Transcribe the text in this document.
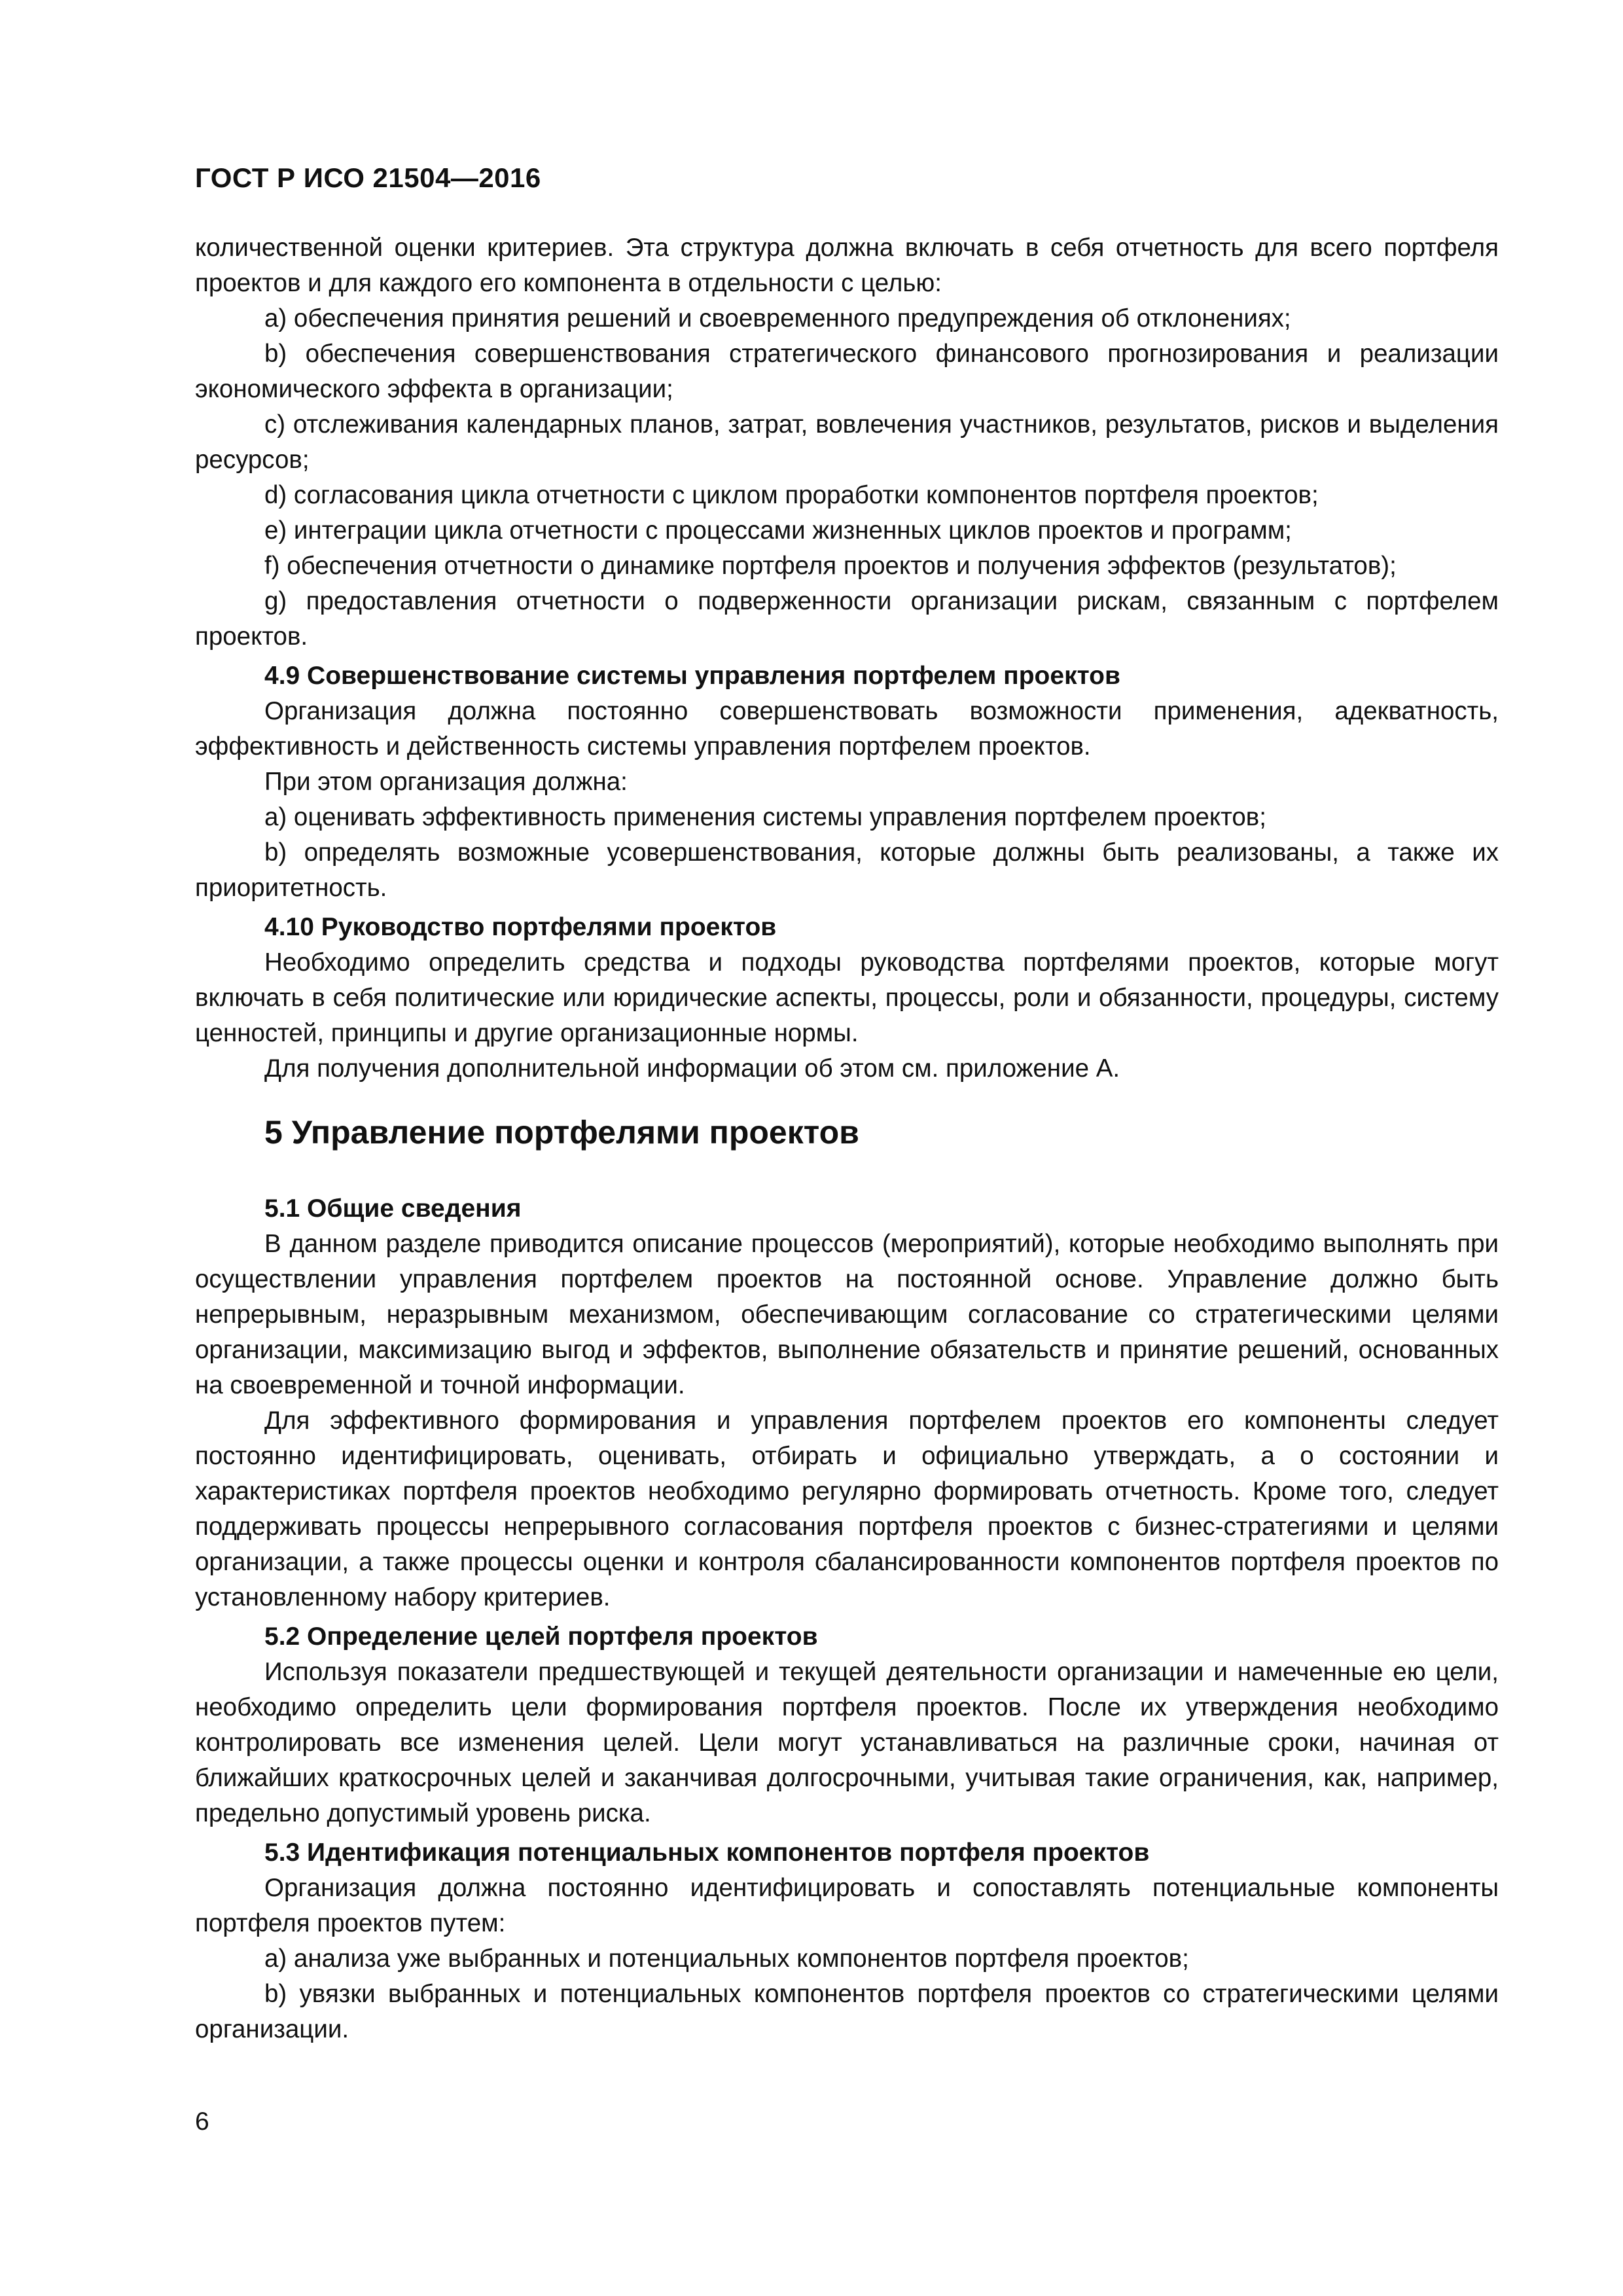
ГОСТ Р ИСО 21504—2016

количественной оценки критериев. Эта структура должна включать в себя отчетность для всего портфеля проектов и для каждого его компонента в отдельности с целью:

a) обеспечения принятия решений и своевременного предупреждения об отклонениях;

b) обеспечения совершенствования стратегического финансового прогнозирования и реализации экономического эффекта в организации;

c) отслеживания календарных планов, затрат, вовлечения участников, результатов, рисков и выделения ресурсов;

d) согласования цикла отчетности с циклом проработки компонентов портфеля проектов;

e) интеграции цикла отчетности с процессами жизненных циклов проектов и программ;

f) обеспечения отчетности о динамике портфеля проектов и получения эффектов (результатов);

g) предоставления отчетности о подверженности организации рискам, связанным с портфелем проектов.

4.9 Совершенствование системы управления портфелем проектов

Организация должна постоянно совершенствовать возможности применения, адекватность, эффективность и действенность системы управления портфелем проектов.

При этом организация должна:

a) оценивать эффективность применения системы управления портфелем проектов;

b) определять возможные усовершенствования, которые должны быть реализованы, а также их приоритетность.

4.10 Руководство портфелями проектов

Необходимо определить средства и подходы руководства портфелями проектов, которые могут включать в себя политические или юридические аспекты, процессы, роли и обязанности, процедуры, систему ценностей, принципы и другие организационные нормы.

Для получения дополнительной информации об этом см. приложение А.

5 Управление портфелями проектов
5.1 Общие сведения

В данном разделе приводится описание процессов (мероприятий), которые необходимо выполнять при осуществлении управления портфелем проектов на постоянной основе. Управление должно быть непрерывным, неразрывным механизмом, обеспечивающим согласование со стратегическими целями организации, максимизацию выгод и эффектов, выполнение обязательств и принятие решений, основанных на своевременной и точной информации.

Для эффективного формирования и управления портфелем проектов его компоненты следует постоянно идентифицировать, оценивать, отбирать и официально утверждать, а о состоянии и характеристиках портфеля проектов необходимо регулярно формировать отчетность. Кроме того, следует поддерживать процессы непрерывного согласования портфеля проектов с бизнес-стратегиями и целями организации, а также процессы оценки и контроля сбалансированности компонентов портфеля проектов по установленному набору критериев.

5.2 Определение целей портфеля проектов

Используя показатели предшествующей и текущей деятельности организации и намеченные ею цели, необходимо определить цели формирования портфеля проектов. После их утверждения необходимо контролировать все изменения целей. Цели могут устанавливаться на различные сроки, начиная от ближайших краткосрочных целей и заканчивая долгосрочными, учитывая такие ограничения, как, например, предельно допустимый уровень риска.

5.3 Идентификация потенциальных компонентов портфеля проектов

Организация должна постоянно идентифицировать и сопоставлять потенциальные компоненты портфеля проектов путем:

a) анализа уже выбранных и потенциальных компонентов портфеля проектов;

b) увязки выбранных и потенциальных компонентов портфеля проектов со стратегическими целями организации.

6
